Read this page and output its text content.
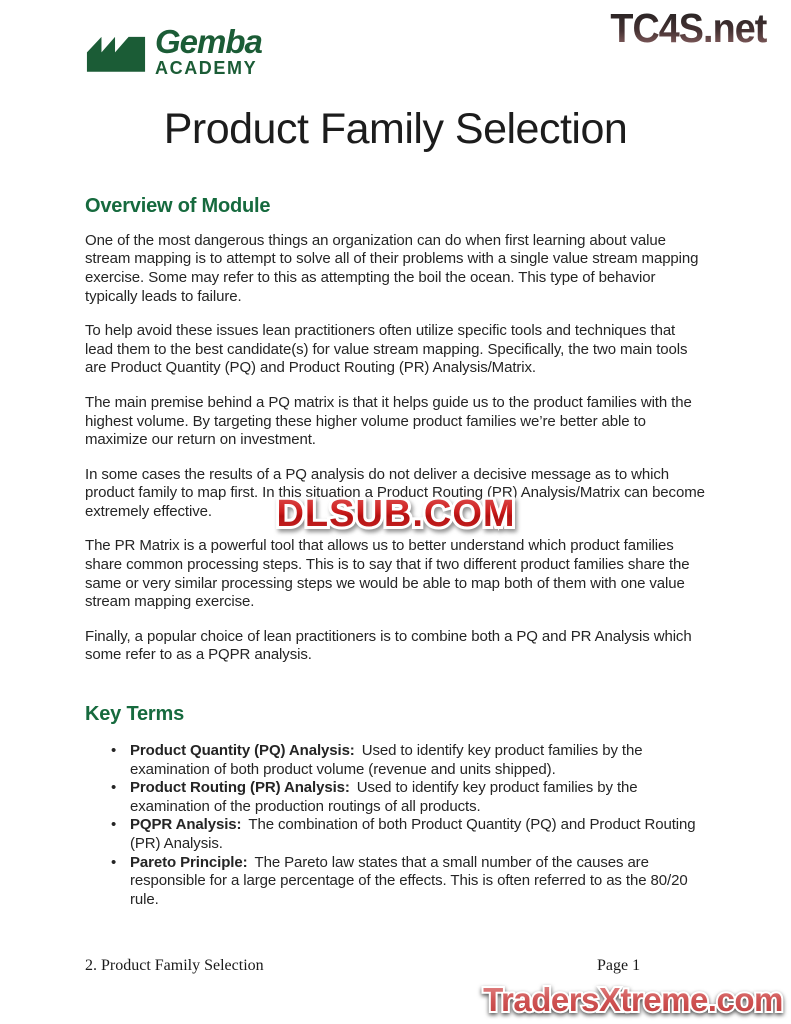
TC4S.net
Gemba
ACADEMY
Product Family Selection
Overview of Module

One of the most dangerous things an organization can do when first learning about value stream mapping is to attempt to solve all of their problems with a single value stream mapping exercise. Some may refer to this as attempting the boil the ocean. This type of behavior typically leads to failure.

To help avoid these issues lean practitioners often utilize specific tools and techniques that lead them to the best candidate(s) for value stream mapping. Specifically, the two main tools are Product Quantity (PQ) and Product Routing (PR) Analysis/Matrix.

The main premise behind a PQ matrix is that it helps guide us to the product families with the highest volume. By targeting these higher volume product families we’re better able to maximize our return on investment.

In some cases the results of a PQ analysis do not deliver a decisive message as to which product family to map first. In this situation a Product Routing (PR) Analysis/Matrix can become extremely effective.

The PR Matrix is a powerful tool that allows us to better understand which product families share common processing steps. This is to say that if two different product families share the same or very similar processing steps we would be able to map both of them with one value stream mapping exercise.

Finally, a popular choice of lean practitioners is to combine both a PQ and PR Analysis which some refer to as a PQPR analysis.

Key Terms
• Product Quantity (PQ) Analysis: Used to identify key product families by the examination of both product volume (revenue and units shipped).
• Product Routing (PR) Analysis: Used to identify key product families by the examination of the production routings of all products.
• PQPR Analysis: The combination of both Product Quantity (PQ) and Product Routing (PR) Analysis.
• Pareto Principle: The Pareto law states that a small number of the causes are responsible for a large percentage of the effects. This is often referred to as the 80/20 rule.
DLSUB.COM
2. Product Family Selection	Page 1
TradersXtreme.com
